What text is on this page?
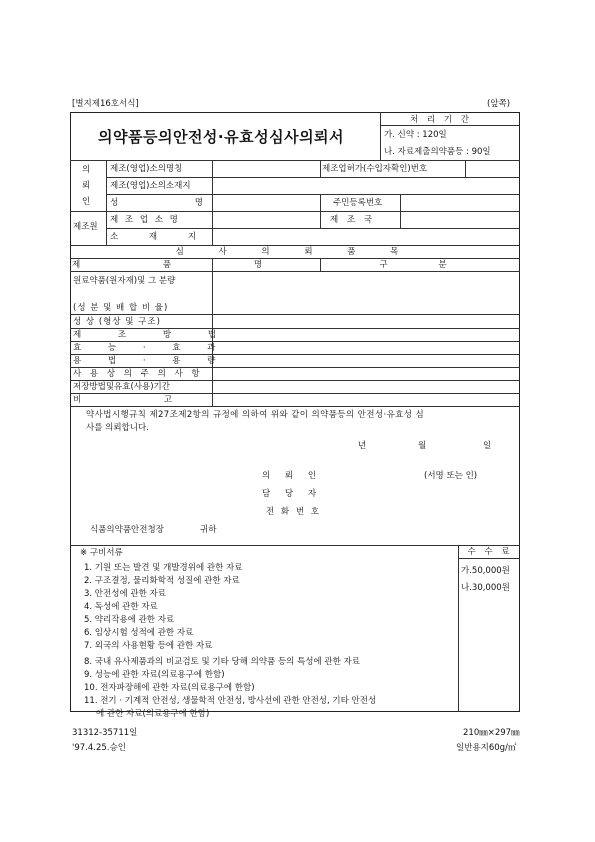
[별지제16호서식]	(앞쪽)
의약품등의안전성·유효성심사의뢰서
처 리 기 간
가. 신약 : 120일
나. 자료제출의약품등 : 90일
의
뢰
인
제조(영업)소의명칭	제조업허가(수입자확인)번호
제조(영업)소의소재지
성	명	주민등록번호
제조원
제 조 업 소 명	제 조 국
소 재 지
심 사 의 뢰 품 목
제 품 명	구 분
원료약품(원자재)및 그 분량
(성 분 및 배 합 비 율)
성 상 (형상 및 구조)
제 조 방 법
효 능 · 효 과
용 법 · 용 량
사 용 상 의 주 의 사 항
저장방법및유효(사용)기간
비 고
약사법시행규칙 제27조제2항의 규정에 의하여 위와 같이 의약품등의 안전성·유효성 심
사를 의뢰합니다.
년	월	일
의 뢰 인	(서명 또는 인)
담 당 자
전 화 번 호
식품의약품안전청장	귀하
※ 구비서류
1. 기원 또는 발견 및 개발경위에 관한 자료
2. 구조결정, 물리화학적 성질에 관한 자료
3. 안전성에 관한 자료
4. 독성에 관한 자료
5. 약리작용에 관한 자료
6. 임상시험 성적에 관한 자료
7. 외국의 사용현황 등에 관한 자료
8. 국내 유사제품과의 비교검토 및 기타 당해 의약품 등의 특성에 관한 자료
9. 성능에 관한 자료(의료용구에 한함)
10. 전자파장해에 관한 자료(의료용구에 한함)
11. 전기 · 기계적 안전성, 생물학적 안전성, 방사선에 관한 안전성, 기타 안전성
에 관한 자료(의료용구에 한함)
수 수 료
가.50,000원
나.30,000원
31312-35711일
'97.4.25.승인
210㎜×297㎜
일반용지60g/㎡
